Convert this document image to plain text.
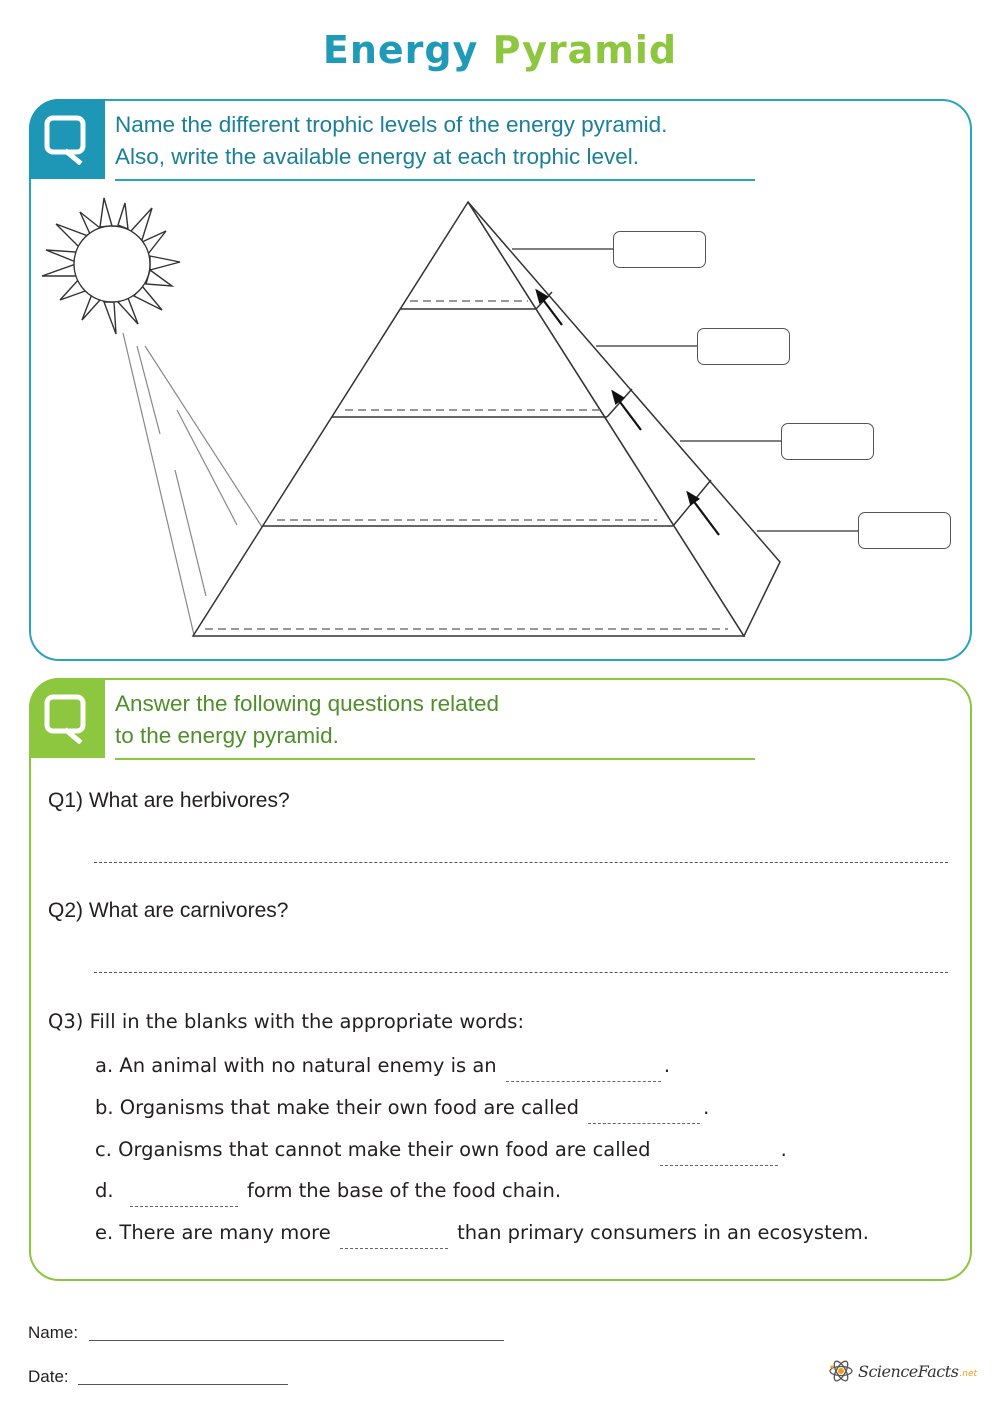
Energy Pyramid
Name the different trophic levels of the energy pyramid.
Also, write the available energy at each trophic level.
Answer the following questions related
to the energy pyramid.
Q1) What are herbivores?
Q2) What are carnivores?
Q3) Fill in the blanks with the appropriate words:
a. An animal with no natural enemy is an	.
b. Organisms that make their own food are called	.
c. Organisms that cannot make their own food are called	.
d.	form the base of the food chain.
e. There are many more	than primary consumers in an ecosystem.
Name:
Date:	ScienceFacts .net
